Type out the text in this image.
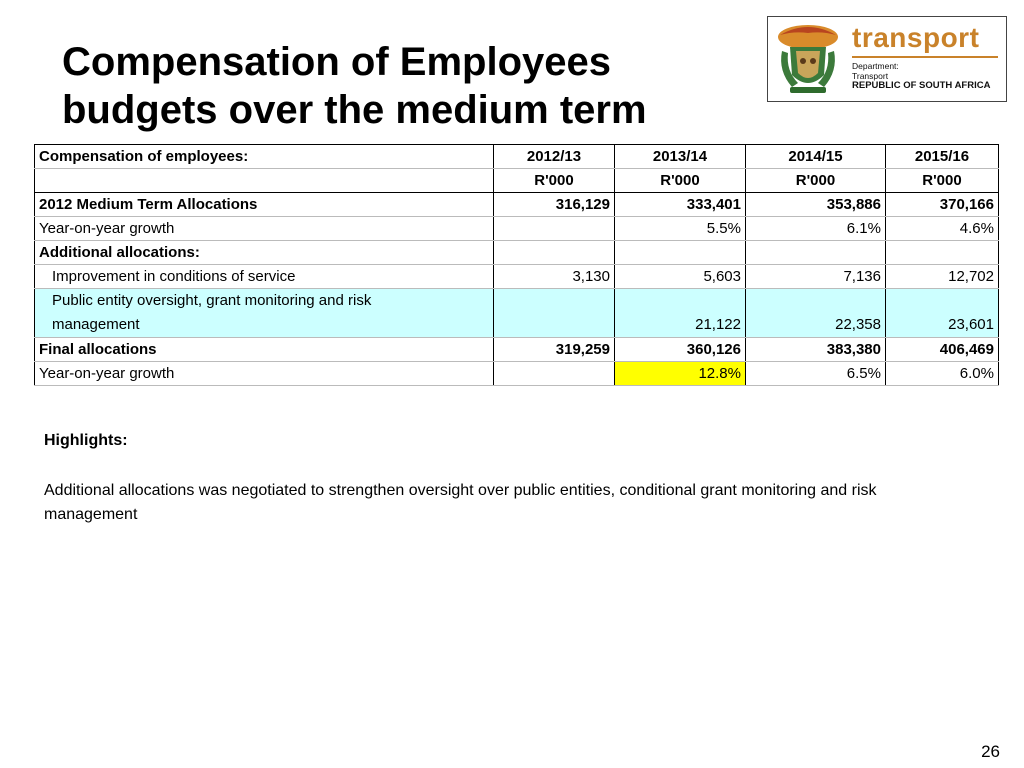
Compensation of Employees
budgets over the medium term
transport
Department:
Transport
REPUBLIC OF SOUTH AFRICA
Compensation of employees:	2012/13	2013/14	2014/15	2015/16
	R'000	R'000	R'000	R'000
2012 Medium Term Allocations	316,129	333,401	353,886	370,166
Year-on-year growth		5.5%	6.1%	4.6%
Additional allocations:				
Improvement in conditions of service	3,130	5,603	7,136	12,702
Public entity oversight, grant monitoring and risk
management		21,122	22,358	23,601
Final allocations	319,259	360,126	383,380	406,469
Year-on-year growth		12.8%	6.5%	6.0%

Highlights:

Additional allocations was negotiated to strengthen oversight over public entities, conditional grant monitoring and risk management

26
